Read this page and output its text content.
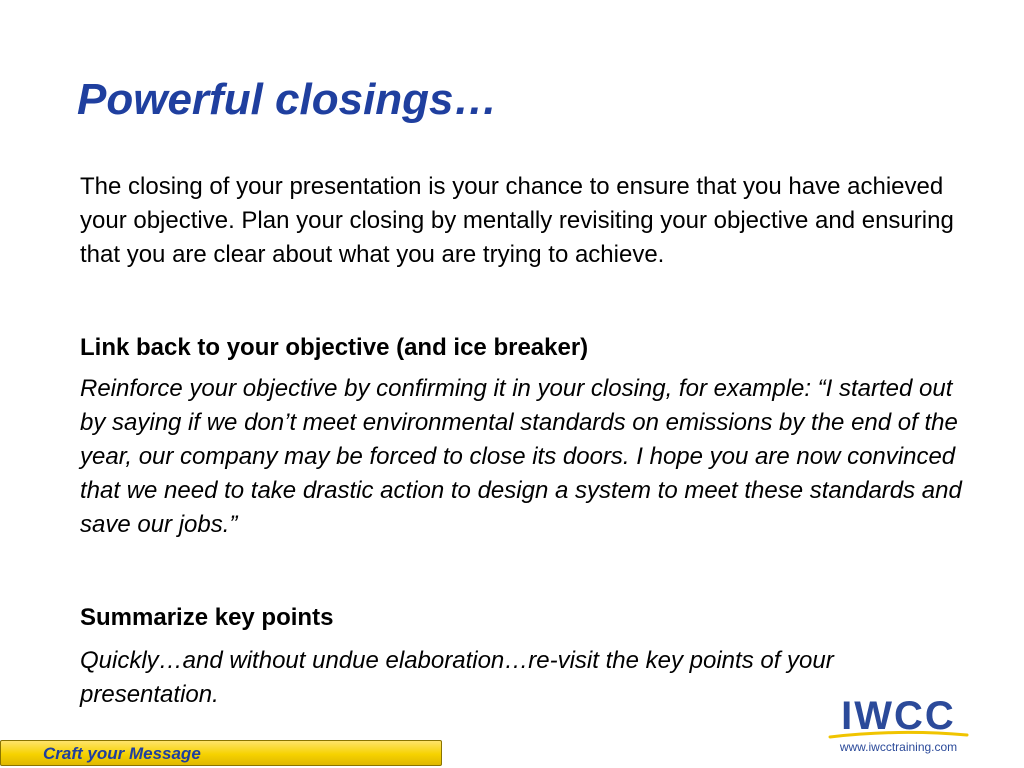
Powerful closings…

The closing of your presentation is your chance to ensure that you have achieved your objective. Plan your closing by mentally revisiting your objective and ensuring that you are clear about what you are trying to achieve.

Link back to your objective (and ice breaker)

Reinforce your objective by confirming it in your closing, for example: “I started out by saying if we don’t meet environmental standards on emissions by the end of the year, our company may be forced to close its doors. I hope you are now convinced that we need to take drastic action to design a system to meet these standards and save our jobs.”

Summarize key points

Quickly…and without undue elaboration…re-visit the key points of your presentation.	IWCC
www.iwcctraining.com
Craft your Message
